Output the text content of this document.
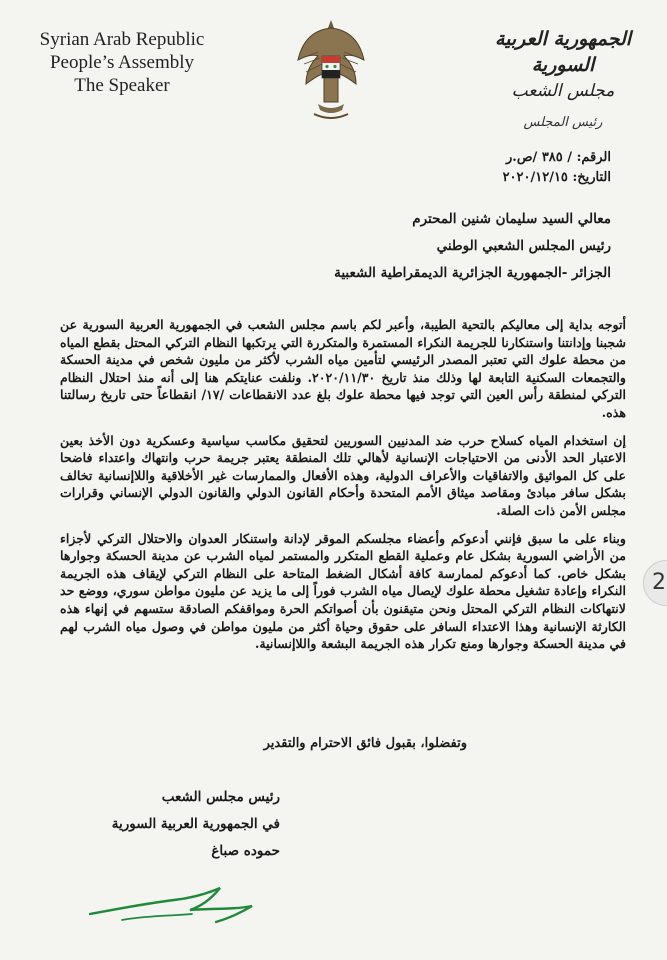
Syrian Arab Republic
People’s Assembly
The Speaker
الجمهورية العربية السورية
مجلس الشعب
رئيس المجلس
الرقم: / ٣٨٥ /ص.ر
التاريخ: ٢٠٢٠/١٢/١٥
معالي السيد سليمان شنين المحترم
رئيس المجلس الشعبي الوطني
الجزائر -الجمهورية الجزائرية الديمقراطية الشعبية

أتوجه بداية إلى معاليكم بالتحية الطيبة، وأعبر لكم باسم مجلس الشعب في الجمهورية العربية السورية عن شجبنا وإدانتنا واستنكارنا للجريمة النكراء المستمرة والمتكررة التي يرتكبها النظام التركي المحتل بقطع المياه من محطة علوك التي تعتبر المصدر الرئيسي لتأمين مياه الشرب لأكثر من مليون شخص في مدينة الحسكة والتجمعات السكنية التابعة لها وذلك منذ تاريخ ٢٠٢٠/١١/٣٠. ونلفت عنايتكم هنا إلى أنه منذ احتلال النظام التركي لمنطقة رأس العين التي توجد فيها محطة علوك بلغ عدد الانقطاعات /١٧/ انقطاعاً حتى تاريخ رسالتنا هذه.

إن استخدام المياه كسلاح حرب ضد المدنيين السوريين لتحقيق مكاسب سياسية وعسكرية دون الأخذ بعين الاعتبار الحد الأدنى من الاحتياجات الإنسانية لأهالي تلك المنطقة يعتبر جريمة حرب وانتهاك واعتداء فاضحا على كل المواثيق والاتفاقيات والأعراف الدولية، وهذه الأفعال والممارسات غير الأخلاقية واللاإنسانية تخالف بشكل سافر مبادئ ومقاصد ميثاق الأمم المتحدة وأحكام القانون الدولي والقانون الدولي الإنساني وقرارات مجلس الأمن ذات الصلة.

وبناء على ما سبق فإنني أدعوكم وأعضاء مجلسكم الموقر لإدانة واستنكار العدوان والاحتلال التركي لأجزاء من الأراضي السورية بشكل عام وعملية القطع المتكرر والمستمر لمياه الشرب عن مدينة الحسكة وجوارها بشكل خاص. كما أدعوكم لممارسة كافة أشكال الضغط المتاحة على النظام التركي لإيقاف هذه الجريمة النكراء وإعادة تشغيل محطة علوك لإيصال مياه الشرب فوراً إلى ما يزيد عن مليون مواطن سوري، ووضع حد لانتهاكات النظام التركي المحتل ونحن متيقنون بأن أصواتكم الحرة ومواقفكم الصادقة ستسهم في إنهاء هذه الكارثة الإنسانية وهذا الاعتداء السافر على حقوق وحياة أكثر من مليون مواطن في وصول مياه الشرب لهم في مدينة الحسكة وجوارها ومنع تكرار هذه الجريمة البشعة واللاإنسانية.

وتفضلوا، بقبول فائق الاحترام والتقدير
رئيس مجلس الشعب
في الجمهورية العربية السورية
حموده صباغ
2
